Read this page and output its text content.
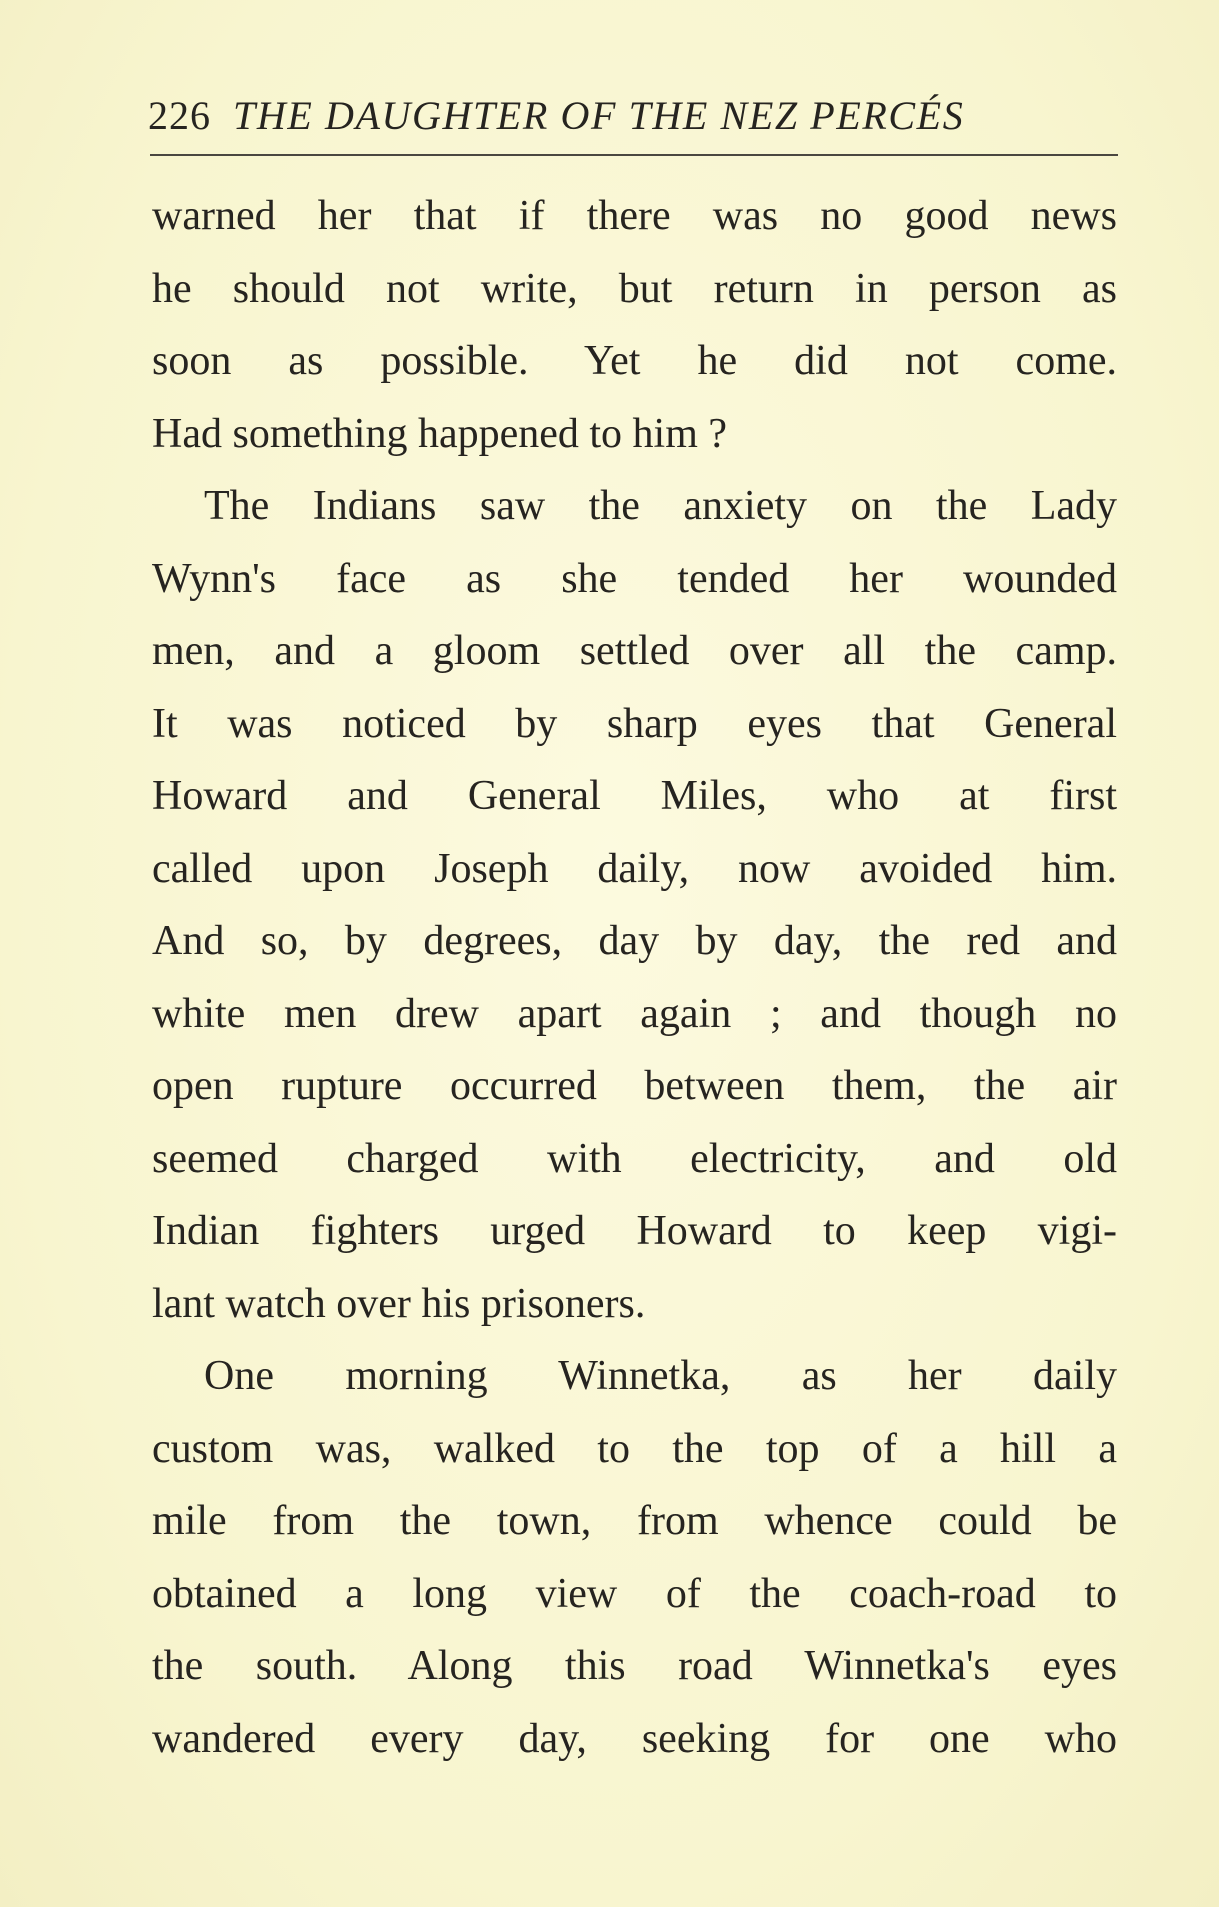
226 THE DAUGHTER OF THE NEZ PERCÉS
warned her that if there was no good news
he should not write, but return in person as
soon as possible. Yet he did not come.
Had something happened to him ?
The Indians saw the anxiety on the Lady
Wynn's face as she tended her wounded
men, and a gloom settled over all the camp.
It was noticed by sharp eyes that General
Howard and General Miles, who at first
called upon Joseph daily, now avoided him.
And so, by degrees, day by day, the red and
white men drew apart again ; and though no
open rupture occurred between them, the air
seemed charged with electricity, and old
Indian fighters urged Howard to keep vigi-
lant watch over his prisoners.
One morning Winnetka, as her daily
custom was, walked to the top of a hill a
mile from the town, from whence could be
obtained a long view of the coach-road to
the south. Along this road Winnetka's eyes
wandered every day, seeking for one who
